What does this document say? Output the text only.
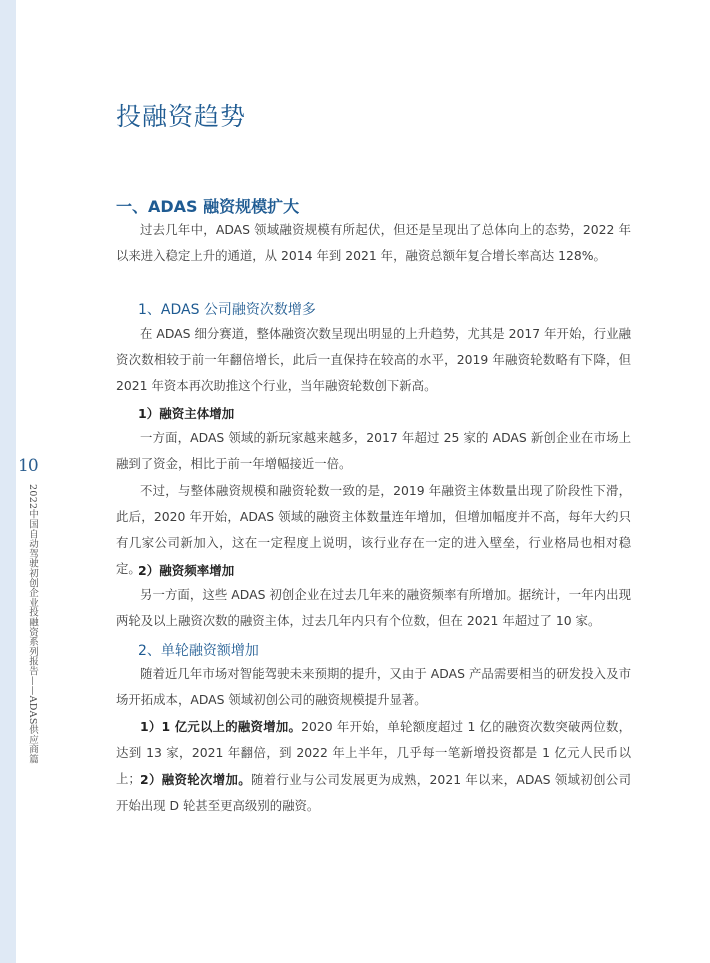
10
2022中国自动驾驶初创企业投融资系列报告——ADAS供应商篇
投融资趋势
一、ADAS 融资规模扩大

过去几年中，ADAS 领域融资规模有所起伏，但还是呈现出了总体向上的态势，2022 年以来进入稳定上升的通道，从 2014 年到 2021 年，融资总额年复合增长率高达 128%。

1、ADAS 公司融资次数增多

在 ADAS 细分赛道，整体融资次数呈现出明显的上升趋势，尤其是 2017 年开始，行业融资次数相较于前一年翻倍增长，此后一直保持在较高的水平，2019 年融资轮数略有下降，但 2021 年资本再次助推这个行业，当年融资轮数创下新高。

1）融资主体增加

一方面，ADAS 领域的新玩家越来越多，2017 年超过 25 家的 ADAS 新创企业在市场上融到了资金，相比于前一年增幅接近一倍。

不过，与整体融资规模和融资轮数一致的是，2019 年融资主体数量出现了阶段性下滑，此后，2020 年开始，ADAS 领域的融资主体数量连年增加，但增加幅度并不高，每年大约只有几家公司新加入，这在一定程度上说明，该行业存在一定的进入壁垒，行业格局也相对稳定。

2）融资频率增加

另一方面，这些 ADAS 初创企业在过去几年来的融资频率有所增加。据统计，一年内出现两轮及以上融资次数的融资主体，过去几年内只有个位数，但在 2021 年超过了 10 家。

2、单轮融资额增加

随着近几年市场对智能驾驶未来预期的提升，又由于 ADAS 产品需要相当的研发投入及市场开拓成本，ADAS 领域初创公司的融资规模提升显著。

1）1 亿元以上的融资增加。2020 年开始，单轮额度超过 1 亿的融资次数突破两位数，达到 13 家，2021 年翻倍，到 2022 年上半年，几乎每一笔新增投资都是 1 亿元人民币以上； 2）融资轮次增加。随着行业与公司发展更为成熟，2021 年以来，ADAS 领域初创公司开始出现 D 轮甚至更高级别的融资。
